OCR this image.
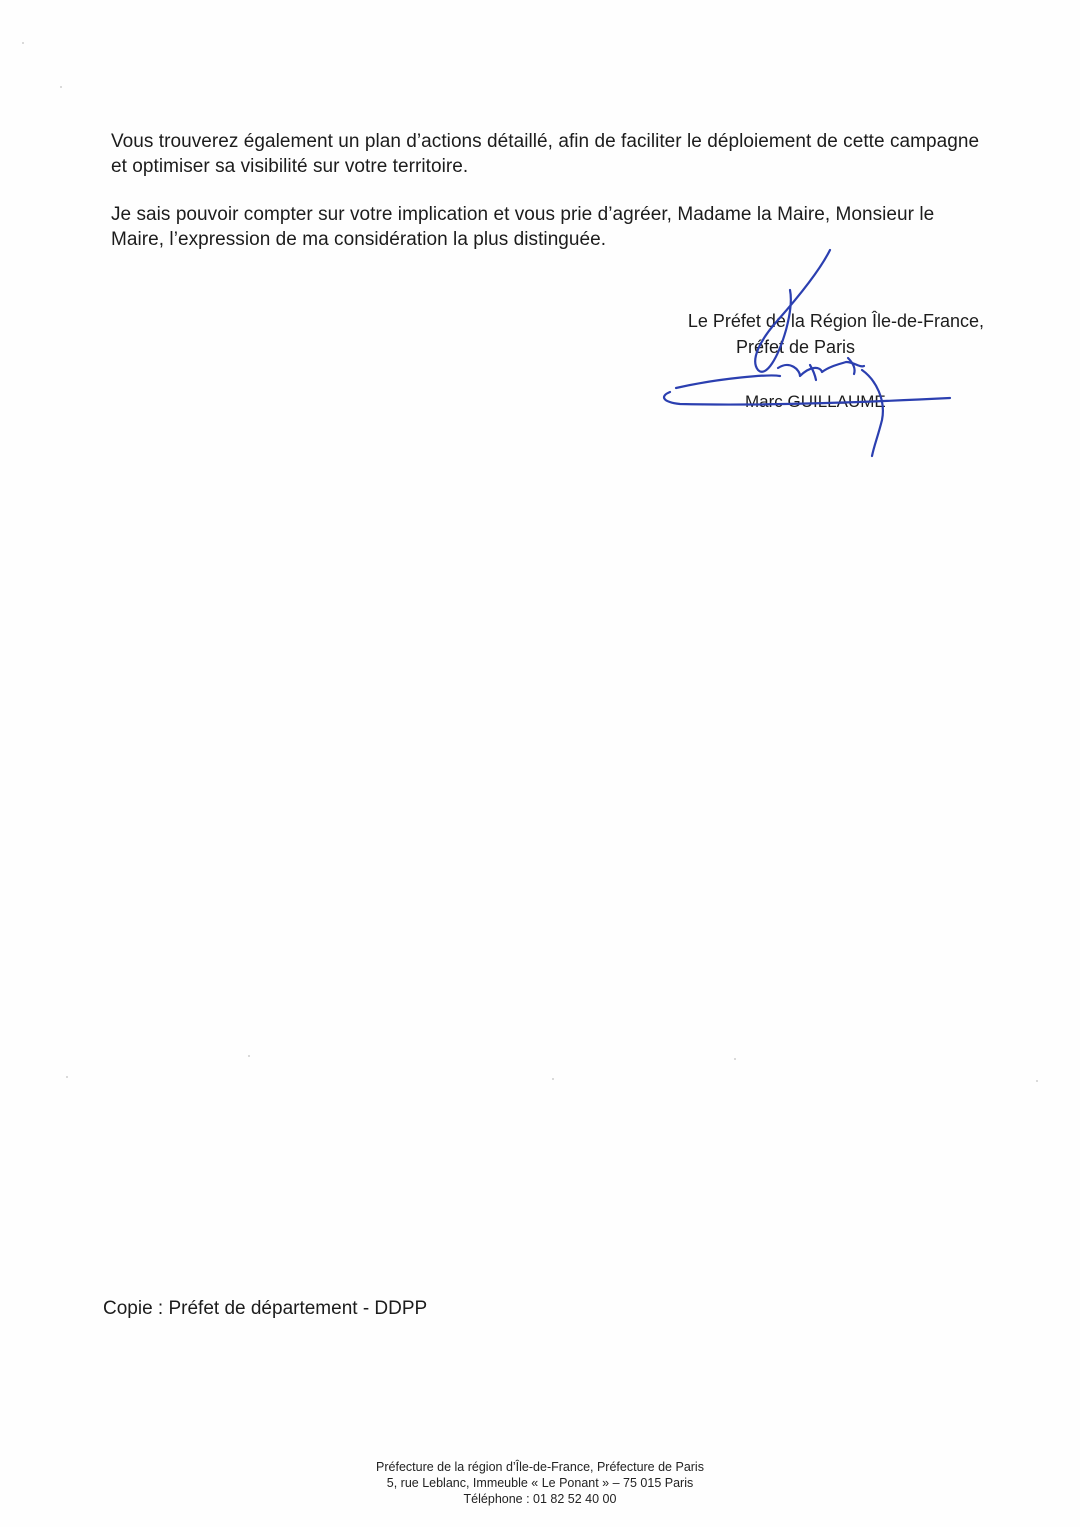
Vous trouverez également un plan d’actions détaillé, afin de faciliter le déploiement de cette campagne et optimiser sa visibilité sur votre territoire.

Je sais pouvoir compter sur votre implication et vous prie d’agréer, Madame la Maire, Monsieur le Maire, l’expression de ma considération la plus distinguée.

Le Préfet de la Région Île-de-France,
Préfet de Paris
Marc GUILLAUME
Copie : Préfet de département - DDPP
Préfecture de la région d’Île-de-France, Préfecture de Paris
5, rue Leblanc, Immeuble « Le Ponant » – 75 015 Paris
Téléphone : 01 82 52 40 00
